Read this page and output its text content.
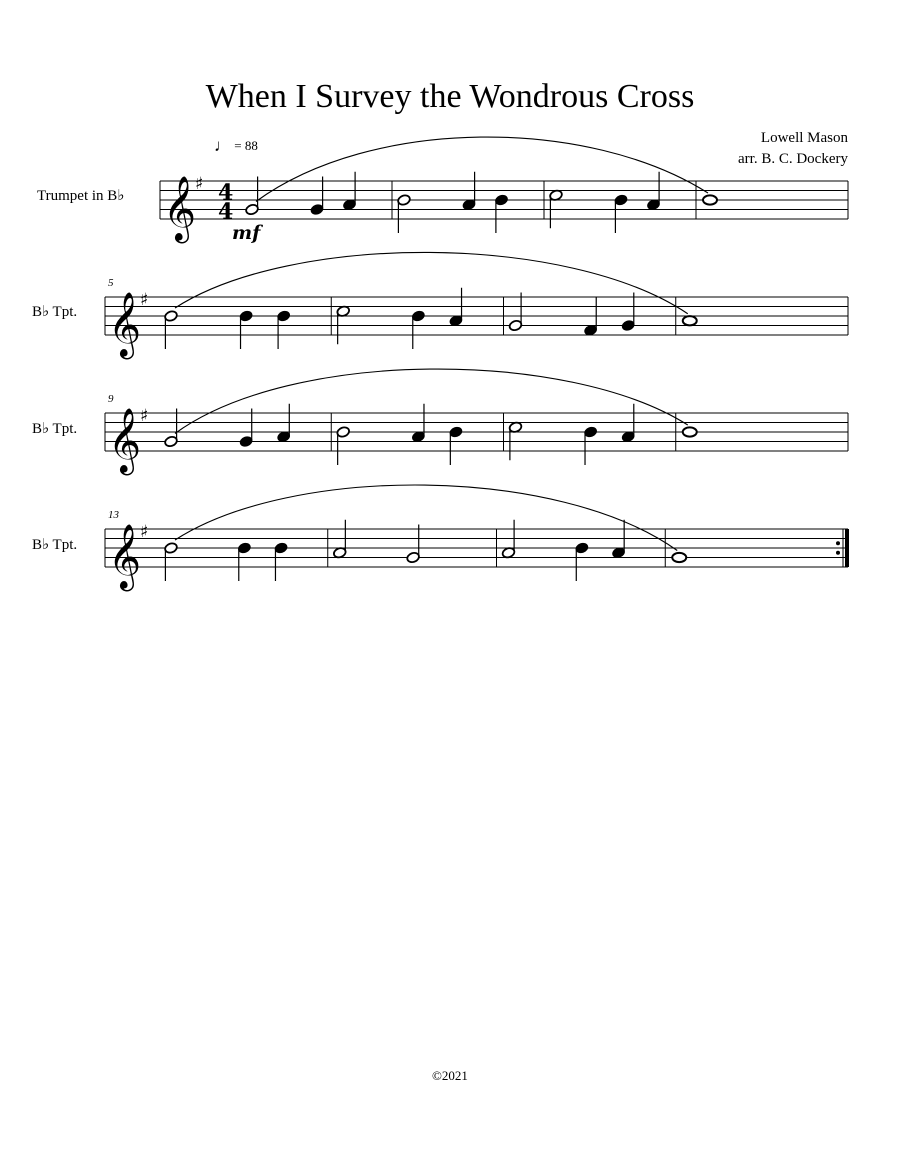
When I Survey the Wondrous Cross
Lowell Mason
arr. B. C. Dockery
♩ = 88
Trumpet in B♭
B♭ Tpt.
B♭ Tpt.
B♭ Tpt.
𝄞
♯ 4
4
mf
𝄞
♯
5
𝄞
♯
9
𝄞
♯
13
©2021
